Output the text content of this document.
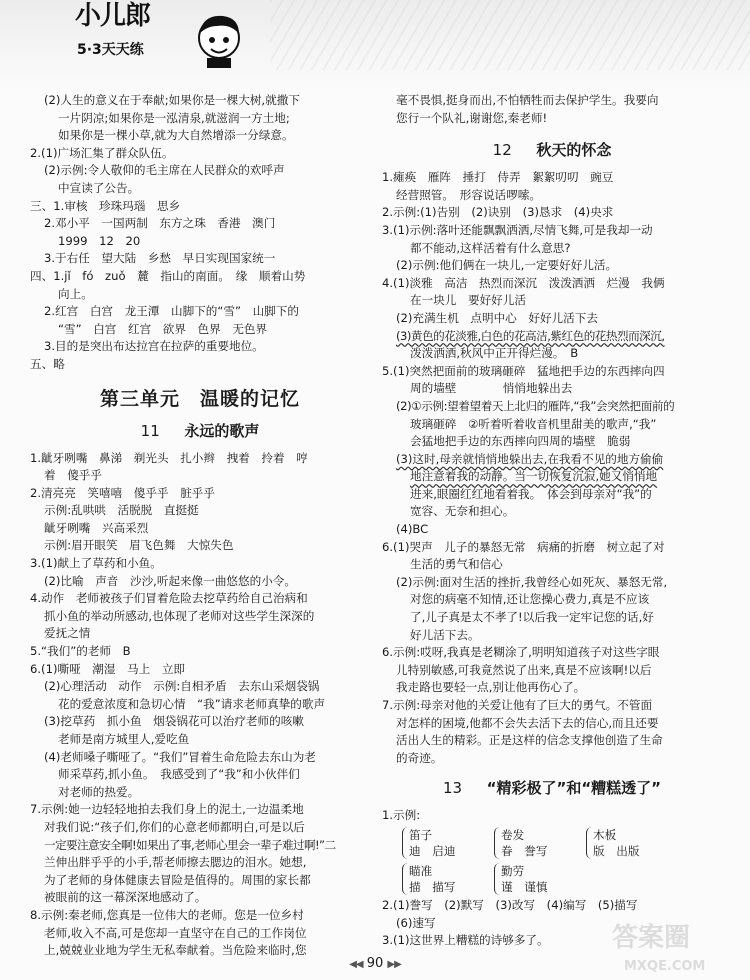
小儿郎
5·3天天练
(2)人生的意义在于奉献;如果你是一棵大树,就撒下
一片阴凉;如果你是一泓清泉,就滋润一方土地;
如果你是一棵小草,就为大自然增添一分绿意。
2.(1)广场汇集了群众队伍。
(2)示例:令人敬仰的毛主席在人民群众的欢呼声
中宣读了公告。
三、1.审核　珍珠玛瑙　思乡
2.邓小平　一国两制　东方之珠　香港　澳门
1999　12　20
3.于右任　望大陆　乡愁　早日实现国家统一
四、1.jǐ　fó　zuǒ　麓　指山的南面。　缘　顺着山势
向上。
2.红宫　白宫　龙王潭　山脚下的“雪”　山脚下的
“雪”　白宫　红宫　欲界　色界　无色界
3.目的是突出布达拉宫在拉萨的重要地位。
五、略
第三单元　温暖的记忆
11 　 永远的歌声
1.龇牙咧嘴　鼻涕　剃光头　扎小辫　拽着　拎着　哼
着　傻乎乎
2.清亮亮　笑嘻嘻　傻乎乎　脏乎乎
示例:乱哄哄　活脱脱　直挺挺
龇牙咧嘴　兴高采烈
示例:眉开眼笑　眉飞色舞　大惊失色
3.(1)献上了草药和小鱼。
(2)比喻　声音　沙沙,听起来像一曲悠悠的小令。
4.动作　老师被孩子们冒着危险去挖草药给自己治病和
抓小鱼的举动所感动,也体现了老师对这些学生深深的
爱抚之情
5.“我们”的老师　B
6.(1)嘶哑　潮湿　马上　立即
(2)心理活动　动作　示例:自相矛盾　去东山采烟袋锅
花的爱意浓度和急切心情　“我”请求老师真挚的歌声
(3)挖草药　抓小鱼　烟袋锅花可以治疗老师的咳嗽
老师是南方城里人,爱吃鱼
(4)老师嗓子嘶哑了。“我们”冒着生命危险去东山为老
师采草药,抓小鱼。　我感受到了“我”和小伙伴们
对老师的热爱。
7.示例:她一边轻轻地拍去我们身上的泥土,一边温柔地
对我们说:“孩子们,你们的心意老师都明白,可是以后
一定要注意安全啊!如果出了事,老师心里会一辈子难过啊!”二
兰伸出胖乎乎的小手,帮老师擦去腮边的泪水。她想,
为了老师的身体健康去冒险是值得的。周围的家长都
被眼前的这一幕深深地感动了。
8.示例:秦老师,您真是一位伟大的老师。您是一位乡村
老师,收入不高,可是您却一直坚守在自己的工作岗位
上,兢兢业业地为学生无私奉献着。当危险来临时,您
毫不畏惧,挺身而出,不怕牺牲而去保护学生。我要向
您行一个队礼,谢谢您,秦老师!
12 　 秋天的怀念
1.瘫痪　雁阵　捶打　侍弄　絮絮叨叨　豌豆
经营照管。　形容说话啰嗦。
2.示例:(1)告别　(2)诀别　(3)恳求　(4)央求
3.(1)示例:落叶还能飘飘洒洒,尽情飞舞,可是我却一动
都不能动,这样活着有什么意思?
(2)示例:他们俩在一块儿,一定要好好儿活。
4.(1)淡雅　高洁　热烈而深沉　泼泼洒洒　烂漫　我俩
在一块儿　要好好儿活
(2)充满生机　点明中心　好好儿活下去
(3)黄色的花淡雅,白色的花高洁,紫红色的花热烈而深沉,
泼泼洒洒,秋风中正开得烂漫。　B
5.(1)突然把面前的玻璃砸碎　猛地把手边的东西摔向四
周的墙壁　　　　悄悄地躲出去
(2)①示例:望着望着天上北归的雁阵,“我”会突然把面前的
玻璃砸碎　②听着听着收音机里甜美的歌声,“我”
会猛地把手边的东西摔向四周的墙壁　脆弱
(3)这时,母亲就悄悄地躲出去,在我看不见的地方偷偷
地注意着我的动静。当一切恢复沉寂,她又悄悄地
进来,眼圈红红地看着我。　体会到母亲对“我”的
宽容、无奈和担心。
(4)BC
6.(1)哭声　儿子的暴怒无常　病痛的折磨　树立起了对
生活的勇气和信心
(2)示例:面对生活的挫折,我曾经心如死灰、暴怒无常,
对您的病毫不知情,还让您操心费力,真是不应该
了,儿子真是太不孝了!以后我一定牢记您的话,好
好儿活下去。
6.示例:哎呀,我真是老糊涂了,明明知道孩子对这些字眼
儿特别敏感,可我竟然说了出来,真是不应该啊!以后
我走路也要轻一点,别让他再伤心了。
7.示例:母亲对他的关爱让他有了巨大的勇气。不管面
对怎样的困境,他都不会失去活下去的信心,而且还要
活出人生的精彩。正是这样的信念支撑他创造了生命
的奇迹。
13 　 “精彩极了”和“糟糕透了”
1.示例:
笛子
迪　 启迪
卷发
眷　 誊写
木板
版　 出版
瞄准
描　 描写
勤劳
谨　 谨慎
2.(1)誊写　(2)默写　(3)改写　(4)编写　(5)描写
(6)速写
3.(1)这世界上糟糕的诗够多了。
◀◀ 90 ▶▶
答案圈
MXQE.COM
